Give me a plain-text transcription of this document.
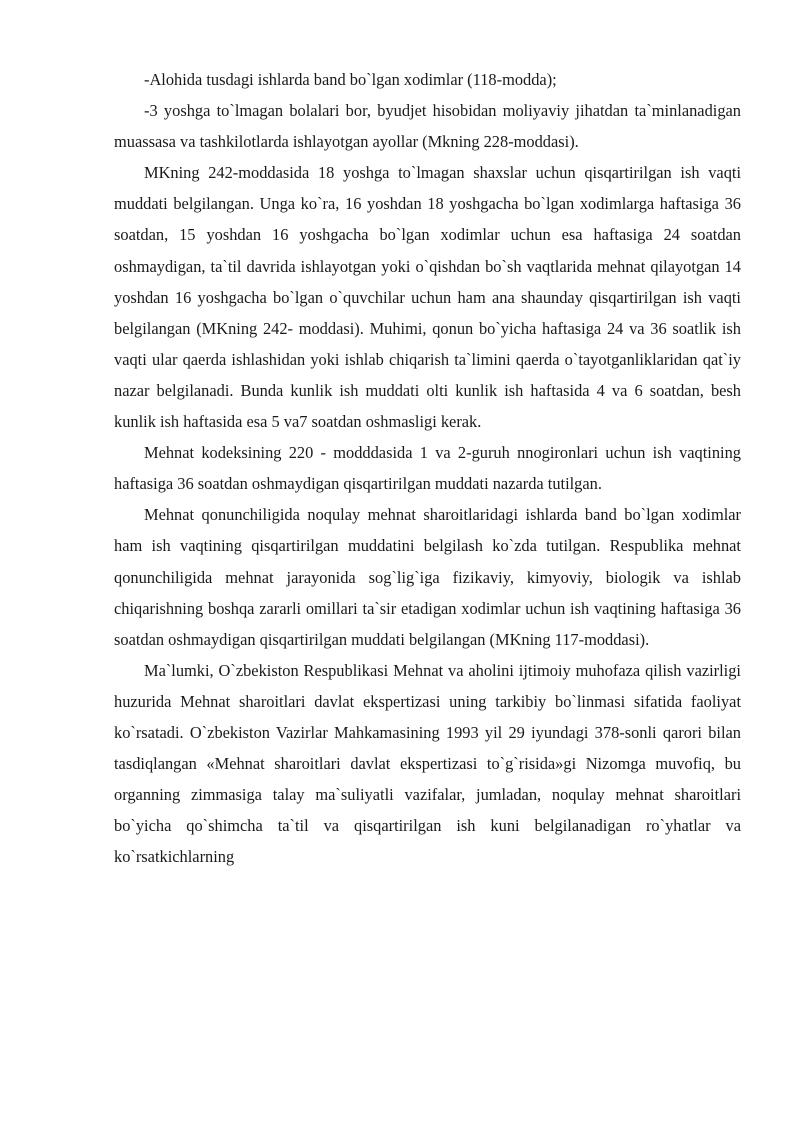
-Alohida tusdagi ishlarda band bo`lgan xodimlar (118-modda);

-3 yoshga to`lmagan bolalari bor, byudjet hisobidan moliyaviy jihatdan ta`minlanadigan muassasa va tashkilotlarda ishlayotgan ayollar (Mkning 228-moddasi).

MKning 242-moddasida 18 yoshga to`lmagan shaxslar uchun qisqartirilgan ish vaqti muddati belgilangan. Unga ko`ra, 16 yoshdan 18 yoshgacha bo`lgan xodimlarga haftasiga 36 soatdan, 15 yoshdan 16 yoshgacha bo`lgan xodimlar uchun esa haftasiga 24 soatdan oshmaydigan, ta`til davrida ishlayotgan yoki o`qishdan bo`sh vaqtlarida mehnat qilayotgan 14 yoshdan 16 yoshgacha bo`lgan o`quvchilar uchun ham ana shaunday qisqartirilgan ish vaqti belgilangan (MKning 242- moddasi). Muhimi, qonun bo`yicha haftasiga 24 va 36 soatlik ish vaqti ular qaerda ishlashidan yoki ishlab chiqarish ta`limini qaerda o`tayotganliklaridan qat`iy nazar belgilanadi. Bunda kunlik ish muddati olti kunlik ish haftasida 4 va 6 soatdan, besh kunlik ish haftasida esa 5 va7 soatdan oshmasligi kerak.

Mehnat kodeksining 220 - modddasida 1 va 2-guruh nnogironlari uchun ish vaqtining haftasiga 36 soatdan oshmaydigan qisqartirilgan muddati nazarda tutilgan.

Mehnat qonunchiligida noqulay mehnat sharoitlaridagi ishlarda band bo`lgan xodimlar ham ish vaqtining qisqartirilgan muddatini belgilash ko`zda tutilgan. Respublika mehnat qonunchiligida mehnat jarayonida sog`lig`iga fizikaviy, kimyoviy, biologik va ishlab chiqarishning boshqa zararli omillari ta`sir etadigan xodimlar uchun ish vaqtining haftasiga 36 soatdan oshmaydigan qisqartirilgan muddati belgilangan (MKning 117-moddasi).

Ma`lumki, O`zbekiston Respublikasi Mehnat va aholini ijtimoiy muhofaza qilish vazirligi huzurida Mehnat sharoitlari davlat ekspertizasi uning tarkibiy bo`linmasi sifatida faoliyat ko`rsatadi. O`zbekiston Vazirlar Mahkamasining 1993 yil 29 iyundagi 378-sonli qarori bilan tasdiqlangan «Mehnat sharoitlari davlat ekspertizasi to`g`risida»gi Nizomga muvofiq, bu organning zimmasiga talay ma`suliyatli vazifalar, jumladan, noqulay mehnat sharoitlari bo`yicha qo`shimcha ta`til va qisqartirilgan ish kuni belgilanadigan ro`yhatlar va ko`rsatkichlarning
